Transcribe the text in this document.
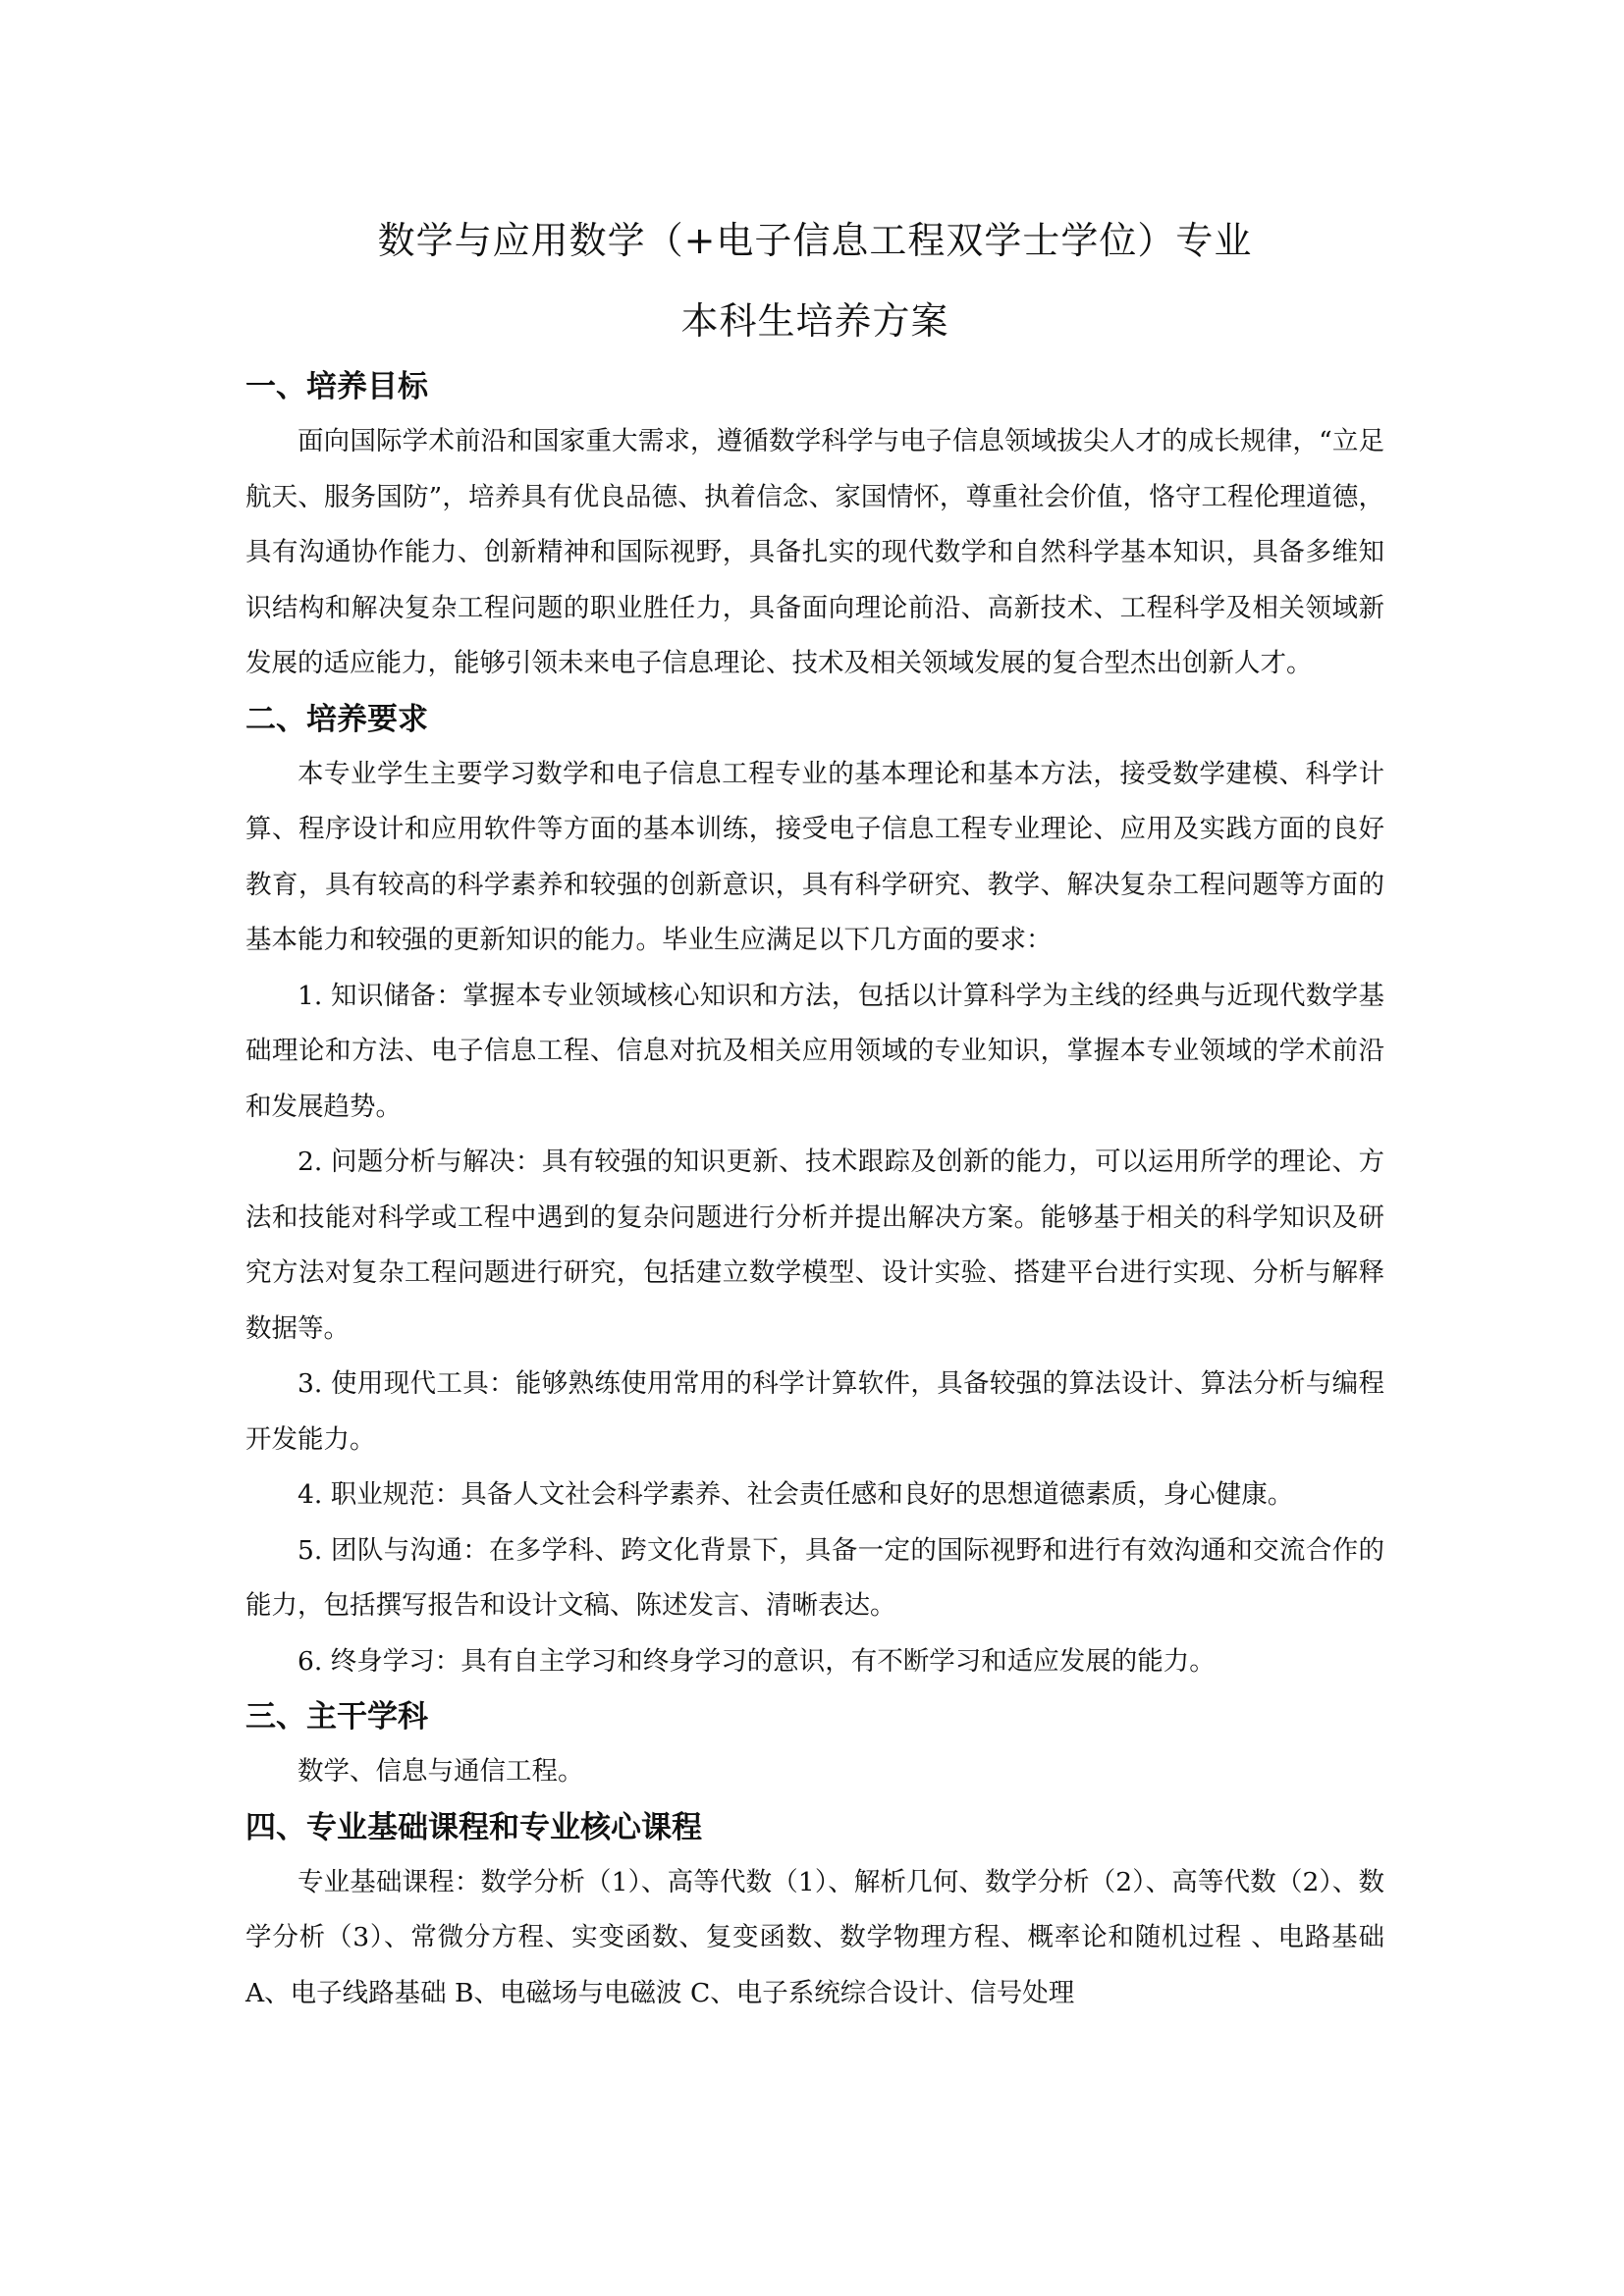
数学与应用数学（+电子信息工程双学士学位）专业
本科生培养方案
一、培养目标

面向国际学术前沿和国家重大需求，遵循数学科学与电子信息领域拔尖人才的成长规律，“立足航天、服务国防”，培养具有优良品德、执着信念、家国情怀，尊重社会价值，恪守工程伦理道德，具有沟通协作能力、创新精神和国际视野，具备扎实的现代数学和自然科学基本知识，具备多维知识结构和解决复杂工程问题的职业胜任力，具备面向理论前沿、高新技术、工程科学及相关领域新发展的适应能力，能够引领未来电子信息理论、技术及相关领域发展的复合型杰出创新人才。

二、培养要求

本专业学生主要学习数学和电子信息工程专业的基本理论和基本方法，接受数学建模、科学计算、程序设计和应用软件等方面的基本训练，接受电子信息工程专业理论、应用及实践方面的良好教育，具有较高的科学素养和较强的创新意识，具有科学研究、教学、解决复杂工程问题等方面的基本能力和较强的更新知识的能力。毕业生应满足以下几方面的要求：

1. 知识储备：掌握本专业领域核心知识和方法，包括以计算科学为主线的经典与近现代数学基础理论和方法、电子信息工程、信息对抗及相关应用领域的专业知识，掌握本专业领域的学术前沿和发展趋势。

2. 问题分析与解决：具有较强的知识更新、技术跟踪及创新的能力，可以运用所学的理论、方法和技能对科学或工程中遇到的复杂问题进行分析并提出解决方案。能够基于相关的科学知识及研究方法对复杂工程问题进行研究，包括建立数学模型、设计实验、搭建平台进行实现、分析与解释数据等。

3. 使用现代工具：能够熟练使用常用的科学计算软件，具备较强的算法设计、算法分析与编程开发能力。

4. 职业规范：具备人文社会科学素养、社会责任感和良好的思想道德素质，身心健康。

5. 团队与沟通：在多学科、跨文化背景下，具备一定的国际视野和进行有效沟通和交流合作的能力，包括撰写报告和设计文稿、陈述发言、清晰表达。

6. 终身学习：具有自主学习和终身学习的意识，有不断学习和适应发展的能力。

三、主干学科

数学、信息与通信工程。

四、专业基础课程和专业核心课程

专业基础课程：数学分析（1）、高等代数（1）、解析几何、数学分析（2）、高等代数（2）、数学分析（3）、常微分方程、实变函数、复变函数、数学物理方程、概率论和随机过程 、电路基础 A、电子线路基础 B、电磁场与电磁波 C、电子系统综合设计、信号处理
